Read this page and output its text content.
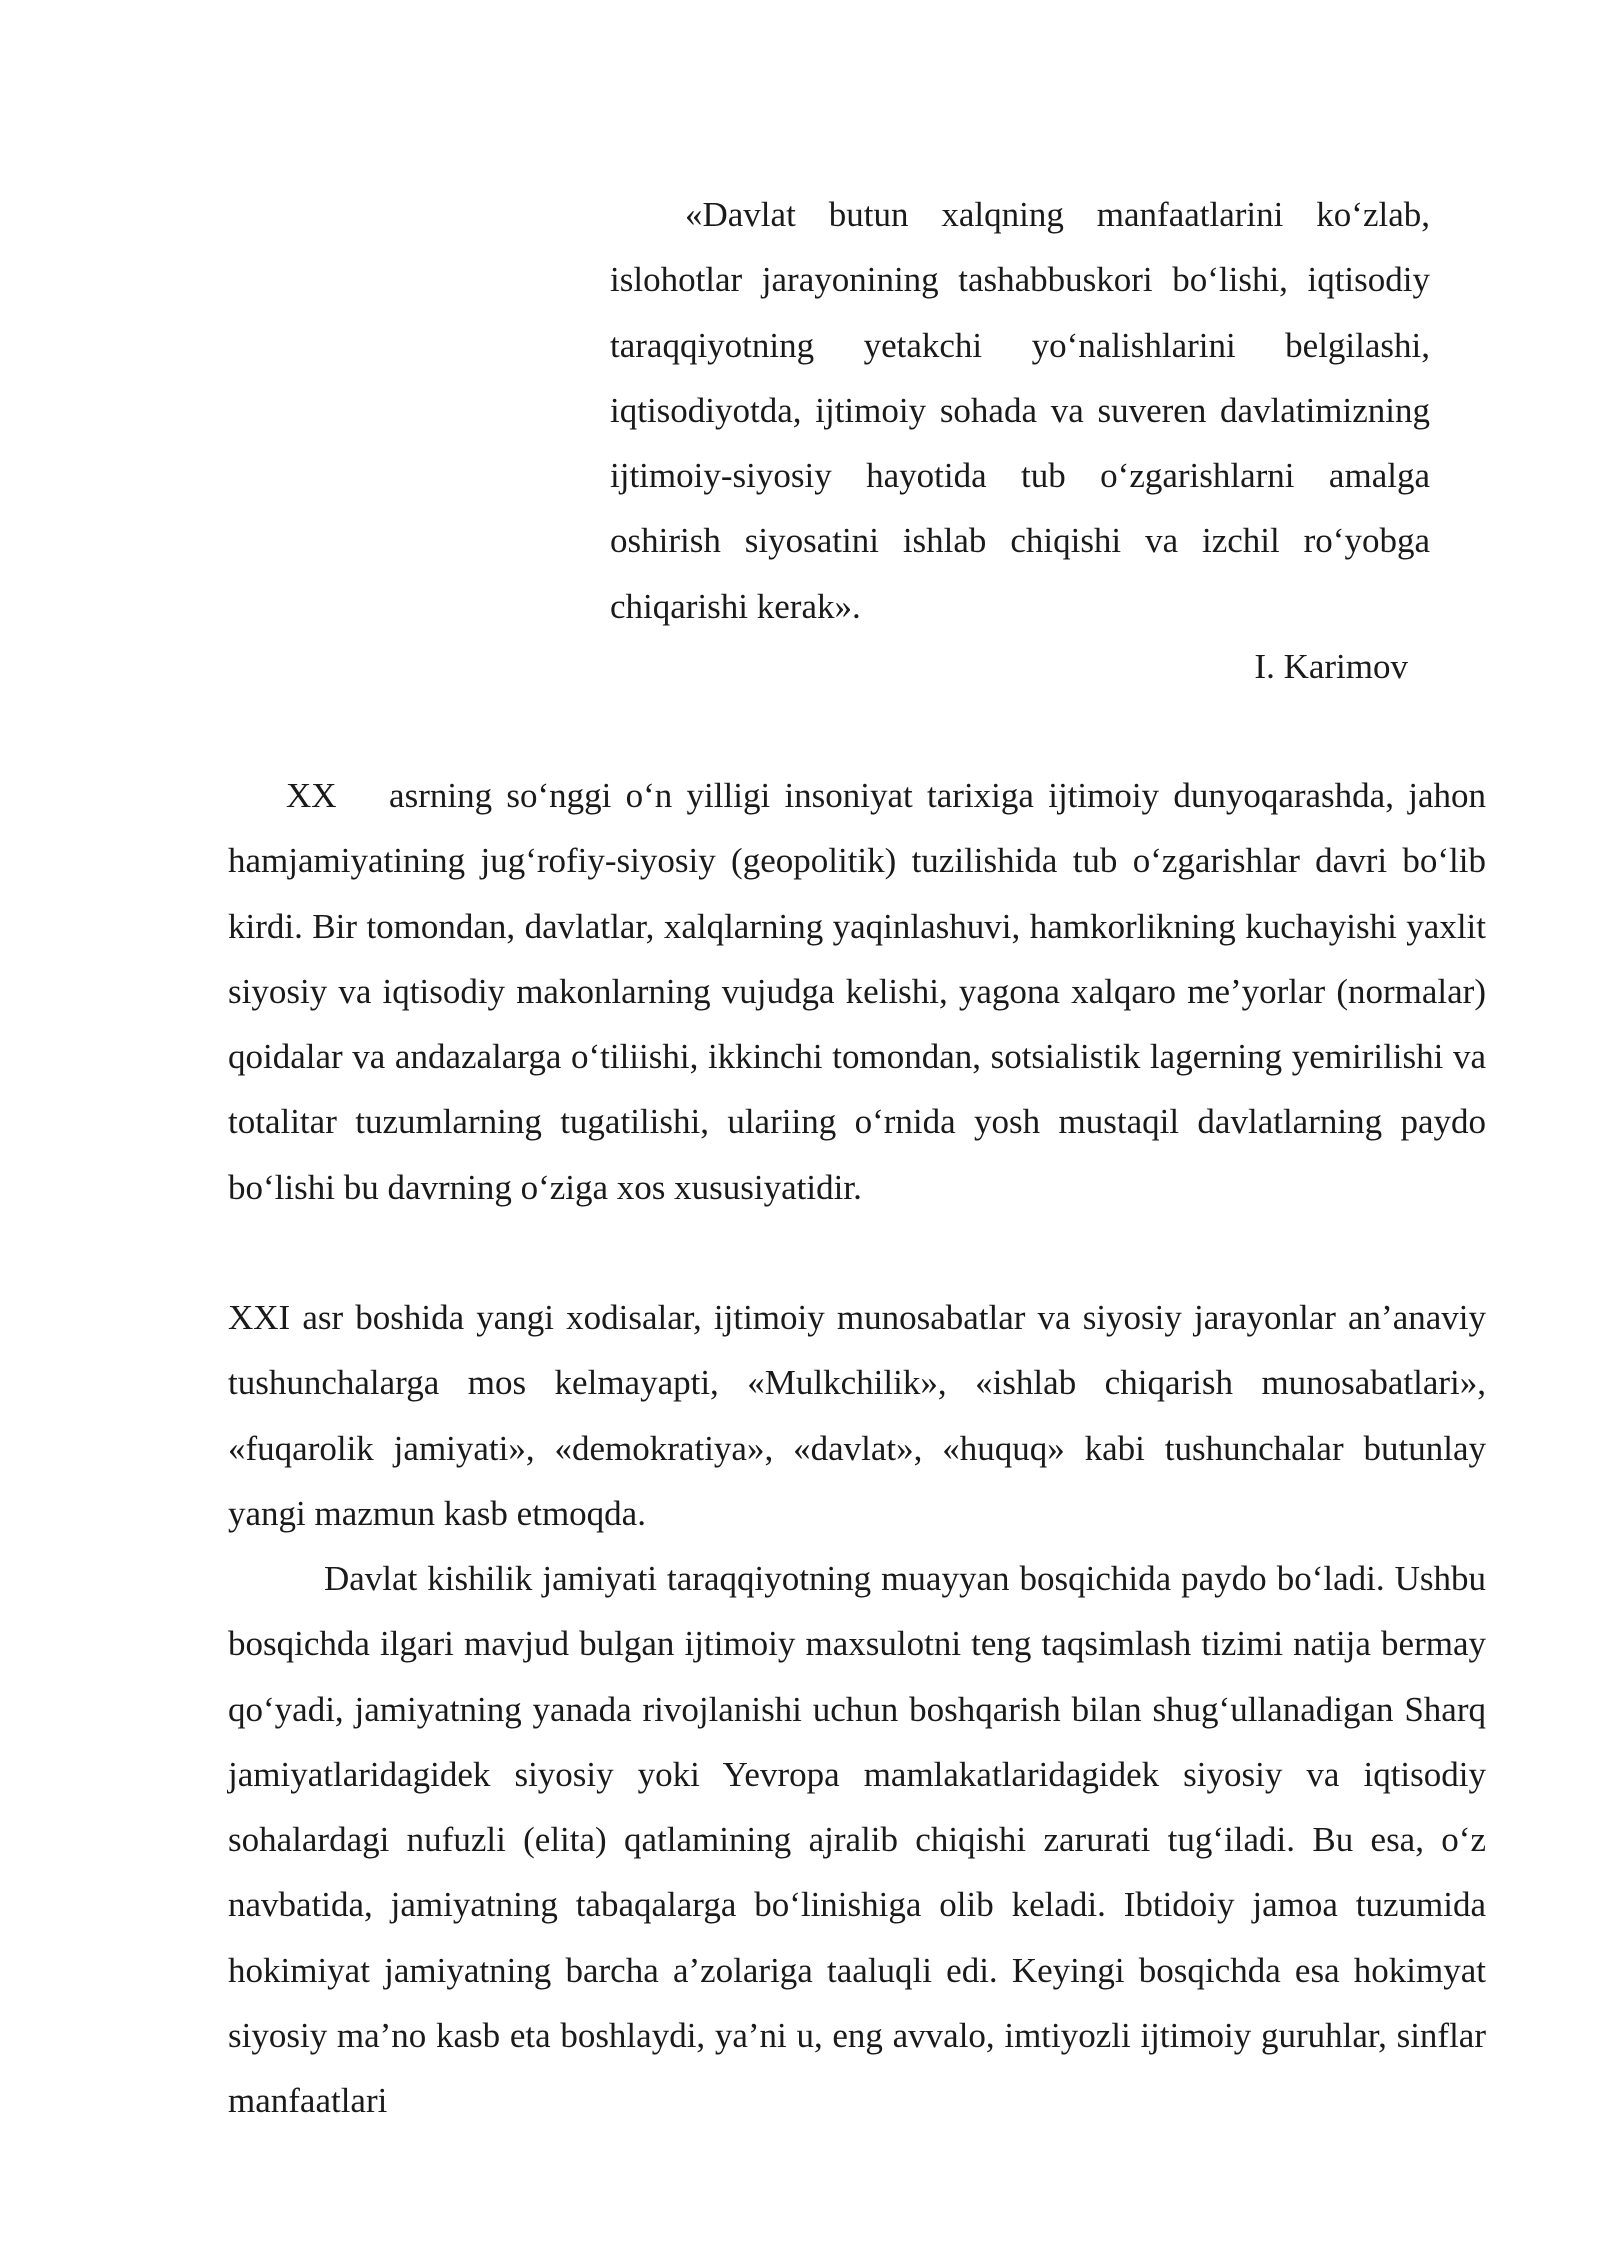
«Davlat butun xalqning manfaatlarini ko‘zlab, islohotlar jarayonining tashabbuskori bo‘lishi, iqtisodiy taraqqiyotning yetakchi yo‘nalishlarini belgilashi, iqtisodiyotda, ijtimoiy sohada va suveren davlatimizning ijtimoiy-siyosiy hayotida tub o‘zgarishlarni amalga oshirish siyosatini ishlab chiqishi va izchil ro‘yobga chiqarishi kerak».

I. Karimov

XX  asrning so‘nggi o‘n yilligi insoniyat tarixiga ijtimoiy dunyoqarashda, jahon hamjamiyatining jug‘rofiy-siyosiy (geopolitik) tuzilishida tub o‘zgarishlar davri bo‘lib kirdi. Bir tomondan, davlatlar, xalqlarning yaqinlashuvi, hamkorlikning kuchayishi yaxlit siyosiy va iqtisodiy makonlarning vujudga kelishi, yagona xalqaro me’yorlar (normalar) qoidalar va andazalarga o‘tiliishi, ikkinchi tomondan, sotsialistik lagerning yemirilishi va totalitar tuzumlarning tugatilishi, ulariing o‘rnida yosh mustaqil davlatlarning paydo bo‘lishi bu davrning o‘ziga xos xususiyatidir.

XXI asr boshida yangi xodisalar, ijtimoiy munosabatlar va siyosiy jarayonlar an’anaviy tushunchalarga mos kelmayapti, «Mulkchilik», «ishlab chiqarish munosabatlari», «fuqarolik jamiyati», «demokratiya», «davlat», «huquq» kabi tushunchalar butunlay yangi mazmun kasb etmoqda.

Davlat kishilik jamiyati taraqqiyotning muayyan bosqichida paydo bo‘ladi. Ushbu bosqichda ilgari mavjud bulgan ijtimoiy maxsulotni teng taqsimlash tizimi natija bermay qo‘yadi, jamiyatning yanada rivojlanishi uchun boshqarish bilan shug‘ullanadigan Sharq jamiyatlaridagidek siyosiy yoki Yevropa mamlakatlaridagidek siyosiy va iqtisodiy sohalardagi nufuzli (elita) qatlamining ajralib chiqishi zarurati tug‘iladi. Bu esa, o‘z navbatida, jamiyatning tabaqalarga bo‘linishiga olib keladi. Ibtidoiy jamoa tuzumida hokimiyat jamiyatning barcha a’zolariga taaluqli edi. Keyingi bosqichda esa hokimyat siyosiy ma’no kasb eta boshlaydi, ya’ni u, eng avvalo, imtiyozli ijtimoiy guruhlar, sinflar manfaatlari
